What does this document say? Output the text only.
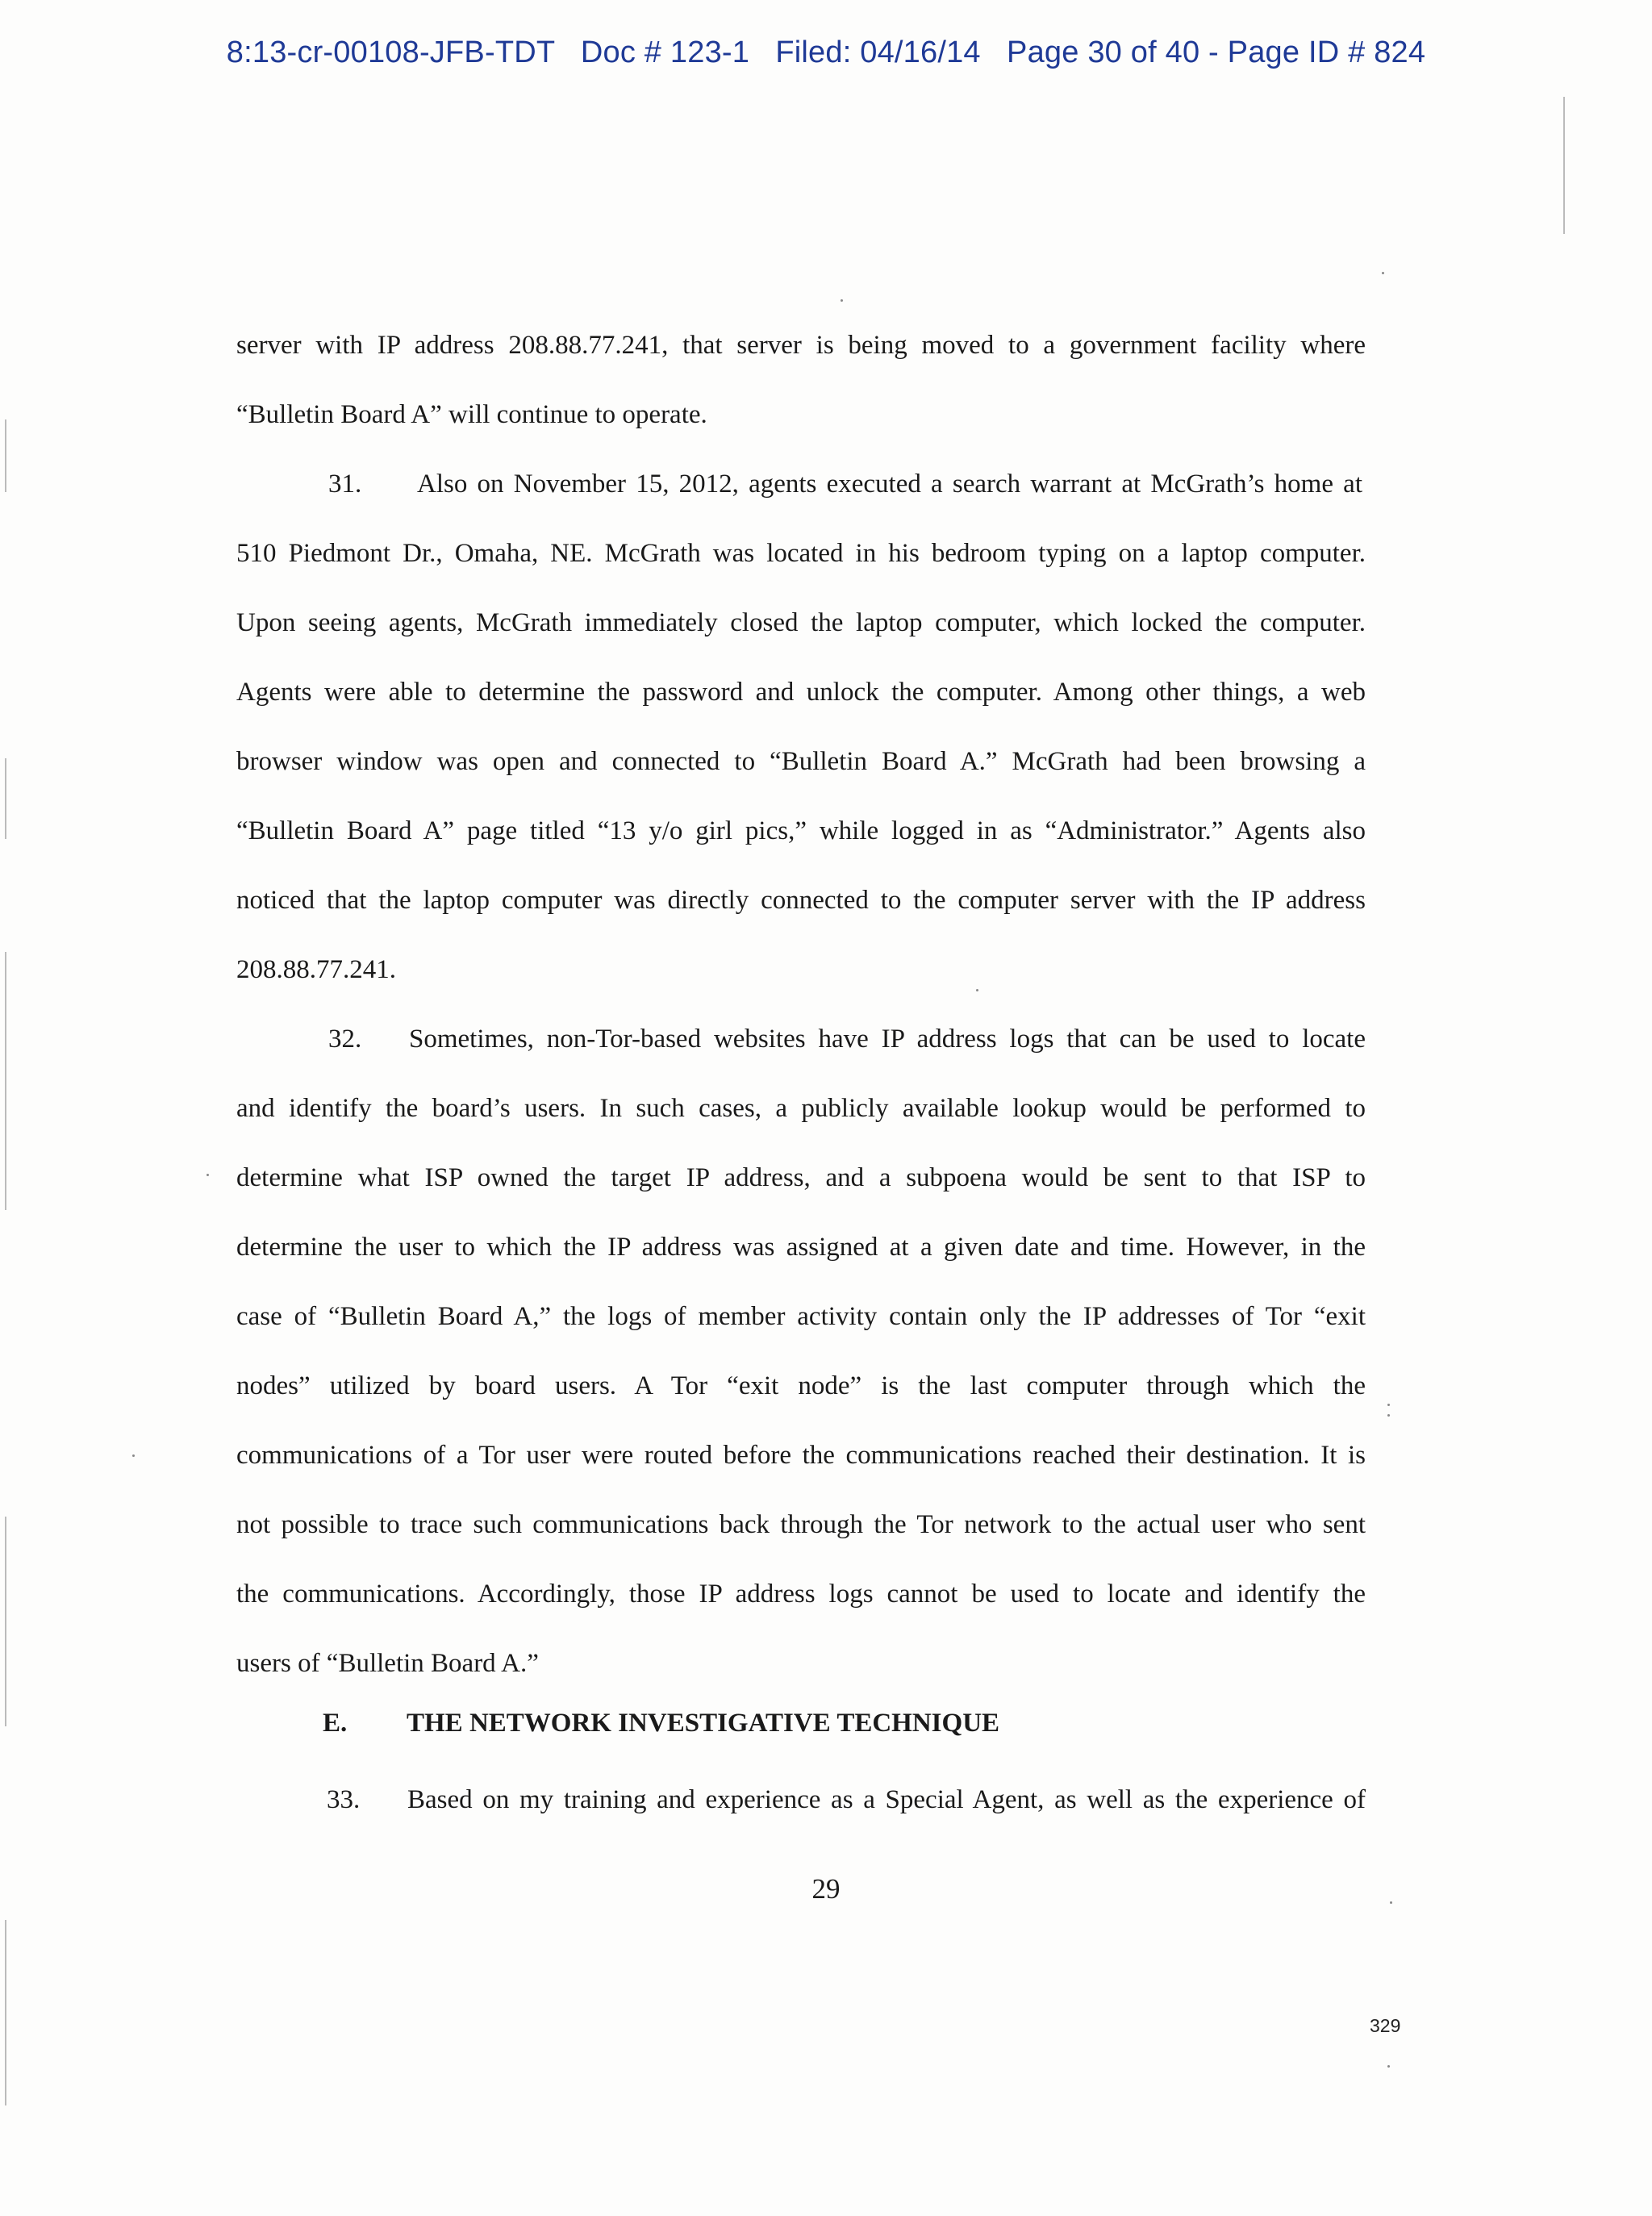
8:13-cr-00108-JFB-TDT   Doc # 123-1   Filed: 04/16/14   Page 30 of 40 - Page ID # 824
server with IP address 208.88.77.241, that server is being moved to a government facility where
“Bulletin Board A” will continue to operate.
31. Also on November 15, 2012, agents executed a search warrant at McGrath’s home at
510 Piedmont Dr., Omaha, NE. McGrath was located in his bedroom typing on a laptop computer.
Upon seeing agents, McGrath immediately closed the laptop computer, which locked the computer.
Agents were able to determine the password and unlock the computer. Among other things, a web
browser window was open and connected to “Bulletin Board A.” McGrath had been browsing a
“Bulletin Board A” page titled “13 y/o girl pics,” while logged in as “Administrator.” Agents also
noticed that the laptop computer was directly connected to the computer server with the IP address
208.88.77.241.
32. Sometimes, non-Tor-based websites have IP address logs that can be used to locate
and identify the board’s users. In such cases, a publicly available lookup would be performed to
determine what ISP owned the target IP address, and a subpoena would be sent to that ISP to
determine the user to which the IP address was assigned at a given date and time. However, in the
case of “Bulletin Board A,” the logs of member activity contain only the IP addresses of Tor “exit
nodes” utilized by board users. A Tor “exit node” is the last computer through which the
communications of a Tor user were routed before the communications reached their destination. It is
not possible to trace such communications back through the Tor network to the actual user who sent
the communications. Accordingly, those IP address logs cannot be used to locate and identify the
users of “Bulletin Board A.”
E. THE NETWORK INVESTIGATIVE TECHNIQUE
33. Based on my training and experience as a Special Agent, as well as the experience of
29
329
